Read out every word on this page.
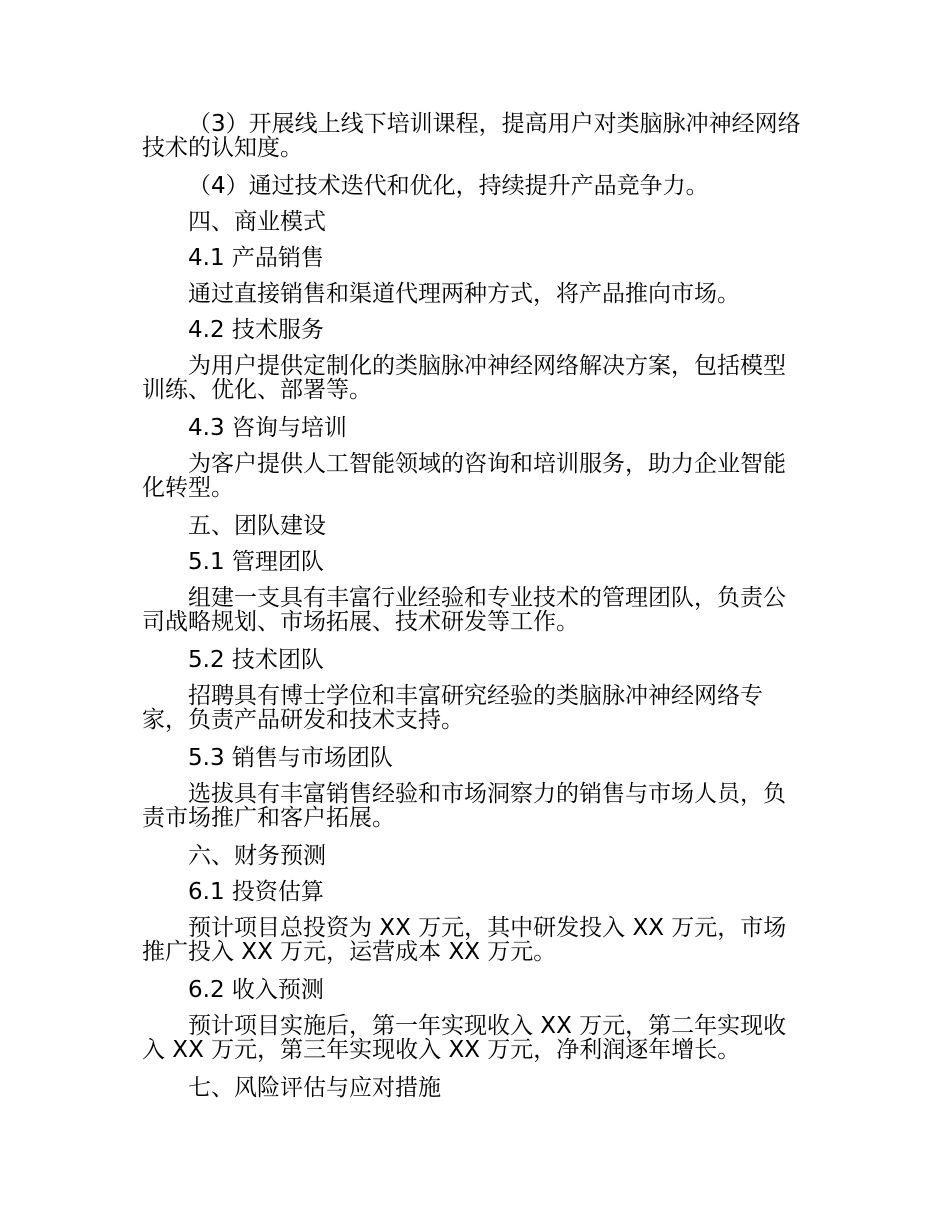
（3）开展线上线下培训课程，提高用户对类脑脉冲神经网络技术的认知度。

（4）通过技术迭代和优化，持续提升产品竞争力。

四、商业模式

4.1 产品销售

通过直接销售和渠道代理两种方式，将产品推向市场。

4.2 技术服务

为用户提供定制化的类脑脉冲神经网络解决方案，包括模型训练、优化、部署等。

4.3 咨询与培训

为客户提供人工智能领域的咨询和培训服务，助力企业智能化转型。

五、团队建设

5.1 管理团队

组建一支具有丰富行业经验和专业技术的管理团队，负责公司战略规划、市场拓展、技术研发等工作。

5.2 技术团队

招聘具有博士学位和丰富研究经验的类脑脉冲神经网络专家，负责产品研发和技术支持。

5.3 销售与市场团队

选拔具有丰富销售经验和市场洞察力的销售与市场人员，负责市场推广和客户拓展。

六、财务预测

6.1 投资估算

预计项目总投资为 XX 万元，其中研发投入 XX 万元，市场推广投入 XX 万元，运营成本 XX 万元。

6.2 收入预测

预计项目实施后，第一年实现收入 XX 万元，第二年实现收入 XX 万元，第三年实现收入 XX 万元，净利润逐年增长。

七、风险评估与应对措施
